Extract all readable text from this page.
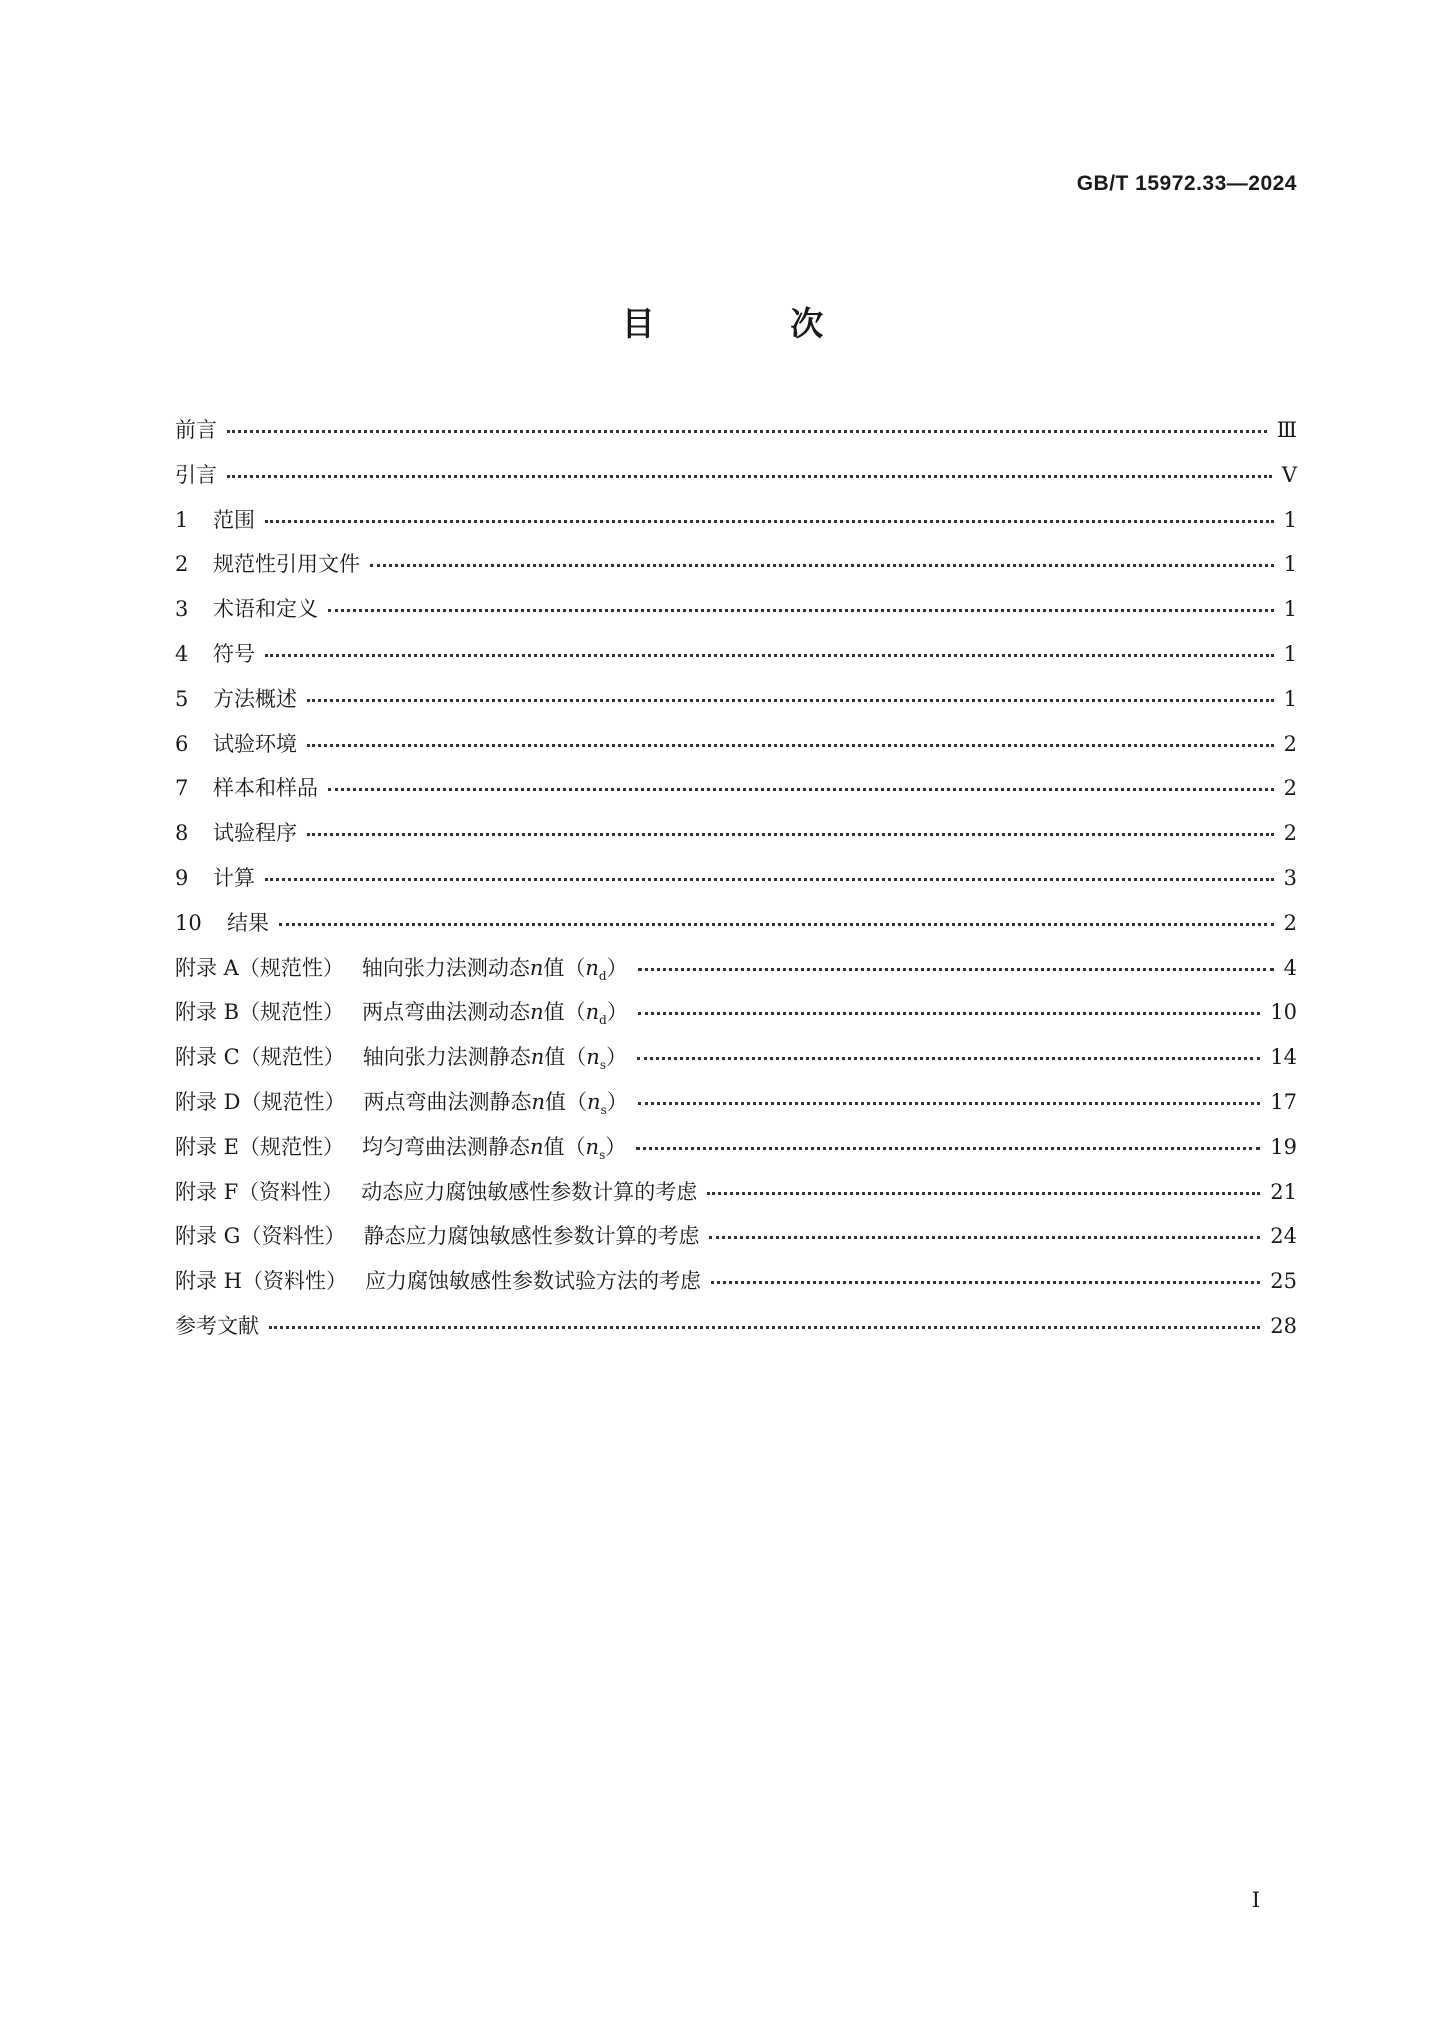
GB/T 15972.33—2024
目 次
前言	Ⅲ
引言	Ⅴ
1	范围	1
2	规范性引用文件	1
3	术语和定义	1
4	符号	1
5	方法概述	1
6	试验环境	2
7	样本和样品	2
8	试验程序	2
9	计算	3
10	结果	2
附录 A（规范性） 轴向张力法测动态 n 值（ $n_d$ ）	4
附录 B（规范性） 两点弯曲法测动态 n 值（ $n_d$ ）	10
附录 C（规范性） 轴向张力法测静态 n 值（ $n_s$ ）	14
附录 D（规范性） 两点弯曲法测静态 n 值（ $n_s$ ）	17
附录 E（规范性） 均匀弯曲法测静态 n 值（ $n_s$ ）	19
附录 F（资料性） 动态应力腐蚀敏感性参数计算的考虑	21
附录 G（资料性） 静态应力腐蚀敏感性参数计算的考虑	24
附录 H（资料性） 应力腐蚀敏感性参数试验方法的考虑	25
参考文献	28
I
